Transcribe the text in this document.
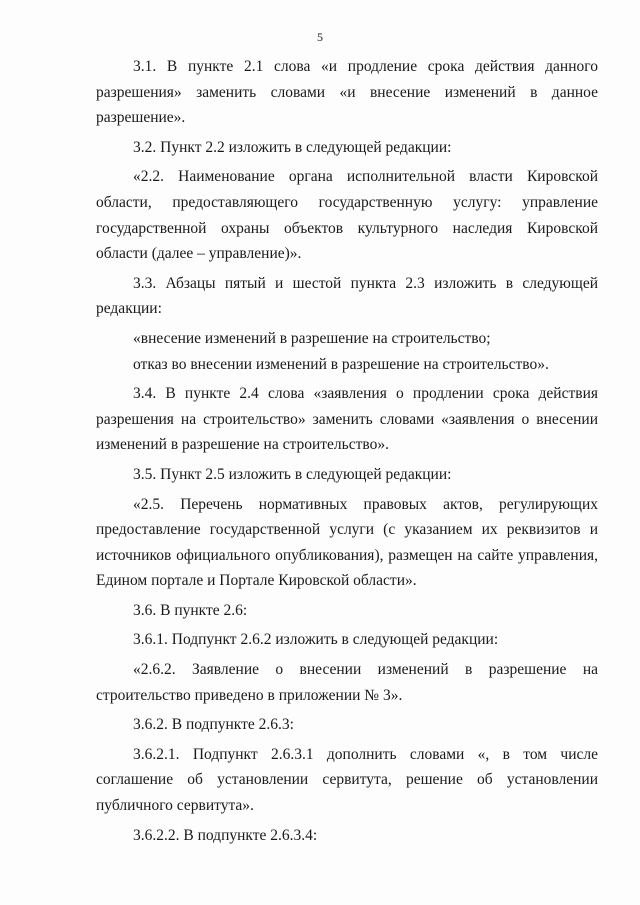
5

3.1. В пункте 2.1 слова «и продление срока действия данного разрешения» заменить словами «и внесение изменений в данное разрешение».

3.2. Пункт 2.2 изложить в следующей редакции:

«2.2. Наименование органа исполнительной власти Кировской области, предоставляющего государственную услугу: управление государственной охраны объектов культурного наследия Кировской области (далее – управление)».

3.3. Абзацы пятый и шестой пункта 2.3 изложить в следующей редакции:

«внесение изменений в разрешение на строительство;

отказ во внесении изменений в разрешение на строительство».

3.4. В пункте 2.4 слова «заявления о продлении срока действия разрешения на строительство» заменить словами «заявления о внесении изменений в разрешение на строительство».

3.5. Пункт 2.5 изложить в следующей редакции:

«2.5. Перечень нормативных правовых актов, регулирующих предоставление государственной услуги (с указанием их реквизитов и источников официального опубликования), размещен на сайте управления, Едином портале и Портале Кировской области».

3.6. В пункте 2.6:

3.6.1. Подпункт 2.6.2 изложить в следующей редакции:

«2.6.2. Заявление о внесении изменений в разрешение на строительство приведено в приложении № 3».

3.6.2. В подпункте 2.6.3:

3.6.2.1. Подпункт 2.6.3.1 дополнить словами «, в том числе соглашение об установлении сервитута, решение об установлении публичного сервитута».

3.6.2.2. В подпункте 2.6.3.4:
